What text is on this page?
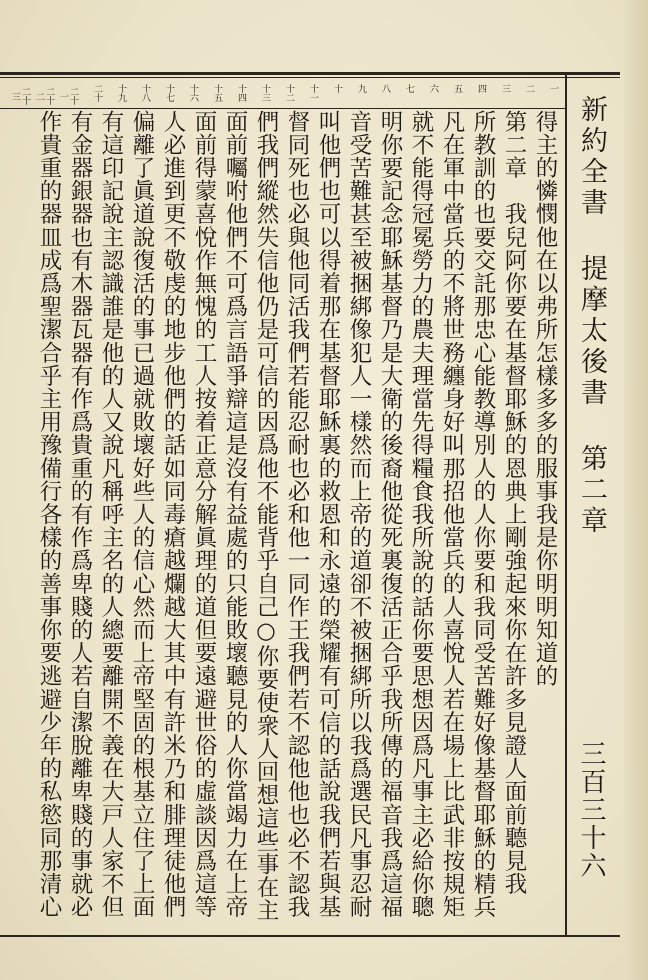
新約全書 提摩太後書 第二章
三百三十六
一
二
三
四
五
六
七
八
九
十
十一
十二
十三
十四
十五
十六
十七
十八
十九
二十
二十一
二十二
二十三
得主的憐憫他在以弗所怎樣多多的服事我是你明明知道的
第二章　我兒阿你要在基督耶穌的恩典上剛強起來你在許多見證人面前聽見我
所教訓的也要交託那忠心能教導別人的人你要和我同受苦難好像基督耶穌的精兵
凡在軍中當兵的不將世務纏身好叫那招他當兵的人喜悅人若在場上比武非按規矩
就不能得冠冕勞力的農夫理當先得糧食我所說的話你要思想因爲凡事主必給你聰
明你要記念耶穌基督乃是大衛的後裔他從死裏復活正合乎我所傳的福音我爲這福
音受苦難甚至被捆綁像犯人一樣然而上帝的道卻不被捆綁所以我爲選民凡事忍耐
叫他們也可以得着那在基督耶穌裏的救恩和永遠的榮耀有可信的話說我們若與基
督同死也必與他同活我們若能忍耐也必和他一同作王我們若不認他他也必不認我
們我們縱然失信他仍是可信的因爲他不能背乎自己○你要使衆人回想這些事在主
面前囑咐他們不可爲言語爭辯這是沒有益處的只能敗壞聽見的人你當竭力在上帝
面前得蒙喜悅作無愧的工人按着正意分解眞理的道但要遠避世俗的虛談因爲這等
人必進到更不敬虔的地步他們的話如同毒瘡越爛越大其中有許米乃和腓理徒他們
偏離了眞道說復活的事已過就敗壞好些人的信心然而上帝堅固的根基立住了上面
有這印記說主認識誰是他的人又說凡稱呼主名的人總要離開不義在大戸人家不但
有金器銀器也有木器瓦器有作爲貴重的有作爲卑賤的人若自潔脫離卑賤的事就必
作貴重的器皿成爲聖潔合乎主用豫備行各樣的善事你要逃避少年的私慾同那清心
